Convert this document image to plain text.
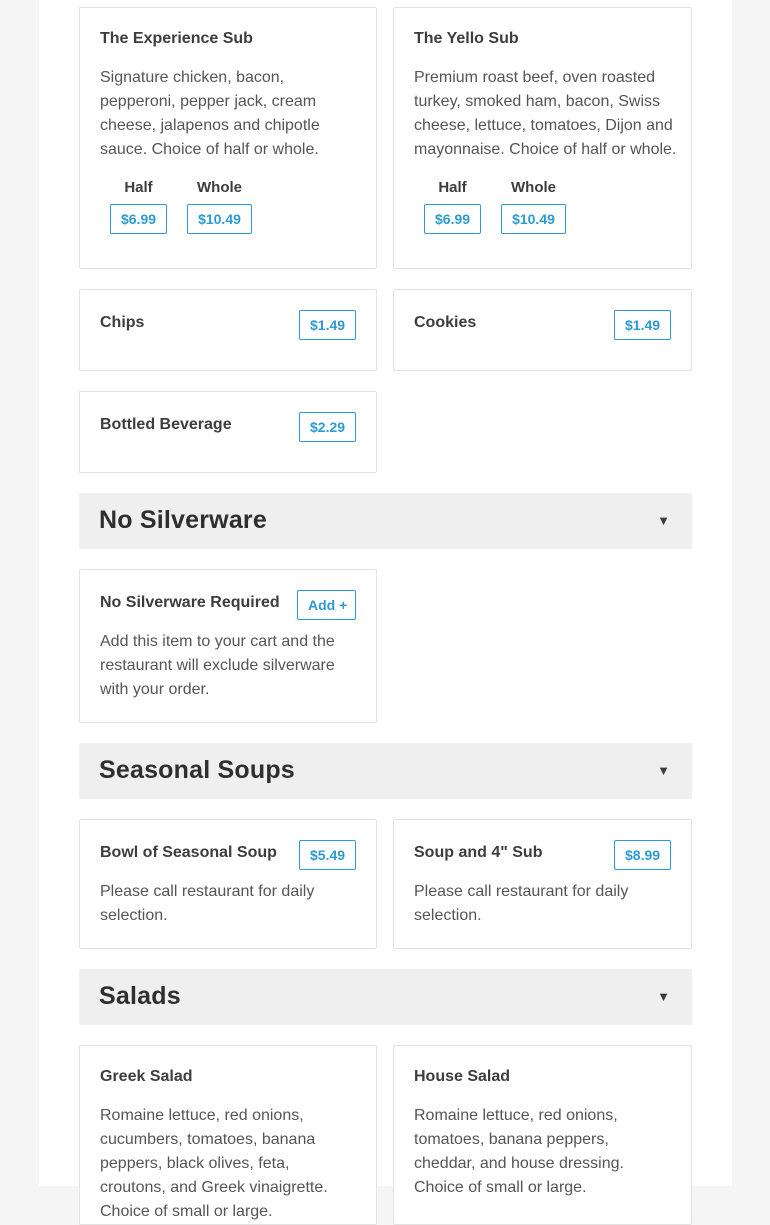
The Experience Sub
Signature chicken, bacon, pepperoni, pepper jack, cream cheese, jalapenos and chipotle sauce. Choice of half or whole.
Half	Whole
$6.99	$10.49
The Yello Sub
Premium roast beef, oven roasted turkey, smoked ham, bacon, Swiss cheese, lettuce, tomatoes, Dijon and mayonnaise. Choice of half or whole.
Half	Whole
$6.99	$10.49
Chips	$1.49	Cookies	$1.49
Bottled Beverage	$2.29
No Silverware	▼
No Silverware Required	Add +
Add this item to your cart and the restaurant will exclude silverware with your order.
Seasonal Soups	▼
Bowl of Seasonal Soup	$5.49
Please call restaurant for daily selection.
Soup and 4" Sub	$8.99
Please call restaurant for daily selection.
Salads	▼
Greek Salad
Romaine lettuce, red onions, cucumbers, tomatoes, banana peppers, black olives, feta, croutons, and Greek vinaigrette. Choice of small or large.
House Salad
Romaine lettuce, red onions, tomatoes, banana peppers, cheddar, and house dressing. Choice of small or large.
